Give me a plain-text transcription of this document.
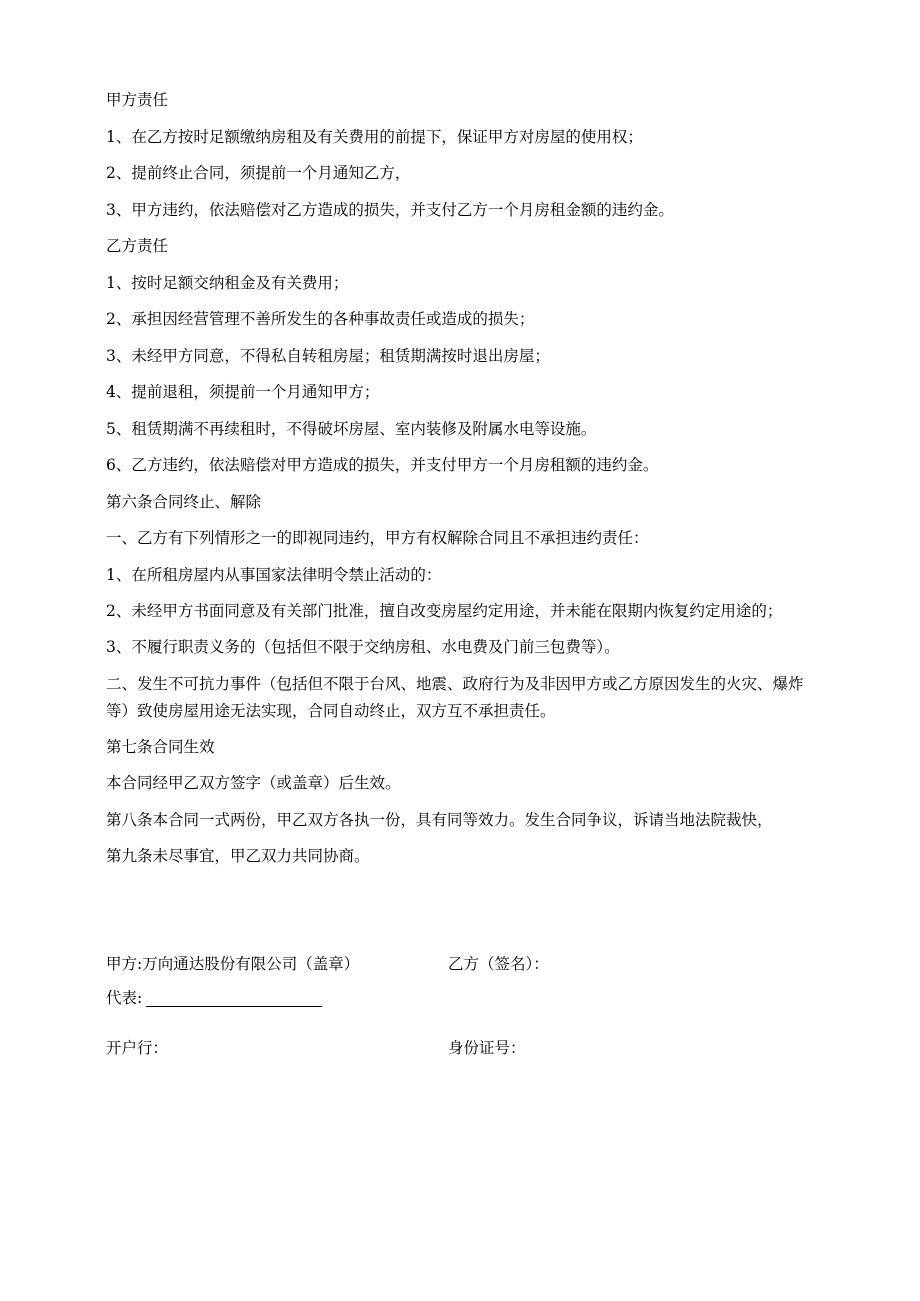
甲方责任
1、在乙方按时足额缴纳房租及有关费用的前提下，保证甲方对房屋的使用权；
2、提前终止合同，须提前一个月通知乙方，
3、甲方违约，依法赔偿对乙方造成的损失，并支付乙方一个月房租金额的违约金。
乙方责任
1、按时足额交纳租金及有关费用；
2、承担因经营管理不善所发生的各种事故责任或造成的损失；
3、未经甲方同意，不得私自转租房屋；租赁期满按时退出房屋；
4、提前退租，须提前一个月通知甲方；
5、租赁期满不再续租时，不得破坏房屋、室内装修及附属水电等设施。
6、乙方违约，依法赔偿对甲方造成的损失，并支付甲方一个月房租额的违约金。
第六条合同终止、解除
一、乙方有下列情形之一的即视同违约，甲方有权解除合同且不承担违约责任：
1、在所租房屋内从事国家法律明令禁止活动的：
2、未经甲方书面同意及有关部门批准，擅自改变房屋约定用途，并未能在限期内恢复约定用途的；
3、不履行职责义务的（包括但不限于交纳房租、水电费及门前三包费等）。
二、发生不可抗力事件（包括但不限于台风、地震、政府行为及非因甲方或乙方原因发生的火灾、爆炸等）致使房屋用途无法实现，合同自动终止，双方互不承担责任。
第七条合同生效
本合同经甲乙双方签字（或盖章）后生效。
第八条本合同一式两份，甲乙双方各执一份，具有同等效力。发生合同争议，诉请当地法院裁快，
第九条未尽事宜，甲乙双力共同协商。
甲方:万向通达股份有限公司（盖章）	乙方（签名）：
代表:
开户行：	身份证号：
